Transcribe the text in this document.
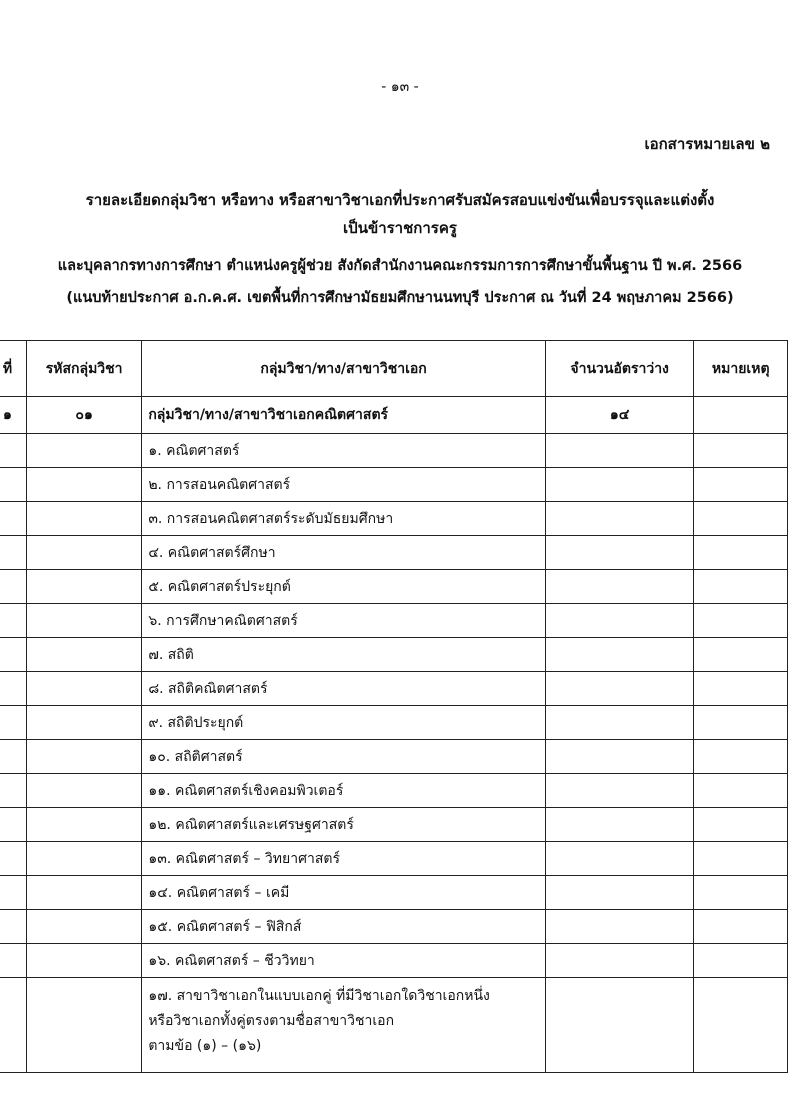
- ๑๓ -
เอกสารหมายเลข ๒
รายละเอียดกลุ่มวิชา หรือทาง หรือสาขาวิชาเอกที่ประกาศรับสมัครสอบแข่งขันเพื่อบรรจุและแต่งตั้ง
เป็นข้าราชการครู
และบุคลากรทางการศึกษา ตำแหน่งครูผู้ช่วย สังกัดสำนักงานคณะกรรมการการศึกษาขั้นพื้นฐาน ปี พ.ศ. 2566
(แนบท้ายประกาศ อ.ก.ค.ศ. เขตพื้นที่การศึกษามัธยมศึกษานนทบุรี ประกาศ ณ วันที่ 24 พฤษภาคม 2566)
ที่	รหัสกลุ่มวิชา	กลุ่มวิชา/ทาง/สาขาวิชาเอก	จำนวนอัตราว่าง	หมายเหตุ
๑	๐๑	กลุ่มวิชา/ทาง/สาขาวิชาเอกคณิตศาสตร์	๑๔	
		๑. คณิตศาสตร์		
		๒. การสอนคณิตศาสตร์		
		๓. การสอนคณิตศาสตร์ระดับมัธยมศึกษา		
		๔. คณิตศาสตร์ศึกษา		
		๕. คณิตศาสตร์ประยุกต์		
		๖. การศึกษาคณิตศาสตร์		
		๗. สถิติ		
		๘. สถิติคณิตศาสตร์		
		๙. สถิติประยุกต์		
		๑๐. สถิติศาสตร์		
		๑๑. คณิตศาสตร์เชิงคอมพิวเตอร์		
		๑๒. คณิตศาสตร์และเศรษฐศาสตร์		
		๑๓. คณิตศาสตร์ – วิทยาศาสตร์		
		๑๔. คณิตศาสตร์ – เคมี		
		๑๕. คณิตศาสตร์ – ฟิสิกส์		
		๑๖. คณิตศาสตร์ – ชีววิทยา		

		๑๗. สาขาวิชาเอกในแบบเอกคู่ ที่มีวิชาเอกใดวิชาเอกหนึ่ง
หรือวิชาเอกทั้งคู่ตรงตามชื่อสาขาวิชาเอก
ตามข้อ (๑) – (๑๖)		
